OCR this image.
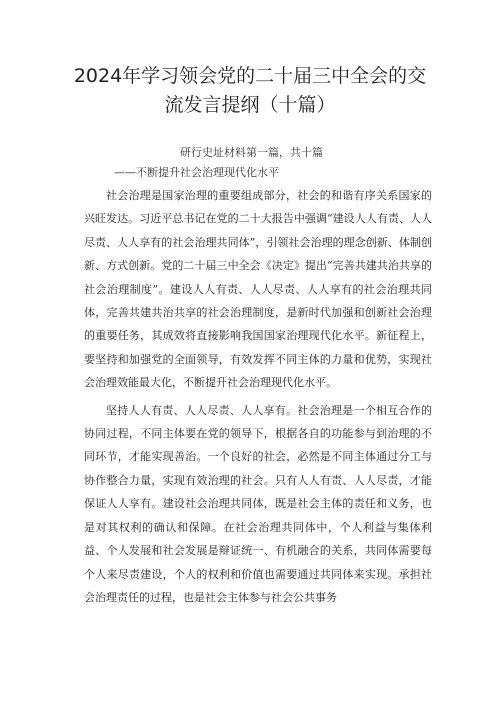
2024年学习领会党的二十届三中全会的交
流发言提纲（十篇）
研行史址材料第一篇，共十篇
——不断提升社会治理现代化水平

社会治理是国家治理的重要组成部分，社会的和谐有序关系国家的兴旺发达。习近平总书记在党的二十大报告中强调“建设人人有责、人人尽责、人人享有的社会治理共同体”，引领社会治理的理念创新、体制创新、方式创新。党的二十届三中全会《决定》提出“完善共建共治共享的社会治理制度”。建设人人有责、人人尽责、人人享有的社会治理共同体，完善共建共治共享的社会治理制度，是新时代加强和创新社会治理的重要任务，其成效将直接影响我国国家治理现代化水平。新征程上，要坚持和加强党的全面领导，有效发挥不同主体的力量和优势，实现社会治理效能最大化，不断提升社会治理现代化水平。

坚持人人有责、人人尽责、人人享有。社会治理是一个相互合作的协同过程，不同主体要在党的领导下，根据各自的功能参与到治理的不同环节，才能实现善治。一个良好的社会，必然是不同主体通过分工与协作整合力量，实现有效治理的社会。只有人人有责、人人尽责，才能保证人人享有。建设社会治理共同体，既是社会主体的责任和义务，也是对其权利的确认和保障。在社会治理共同体中，个人利益与集体利益、个人发展和社会发展是辩证统一、有机融合的关系，共同体需要每个人来尽责建设，个人的权利和价值也需要通过共同体来实现。承担社会治理责任的过程，也是社会主体参与社会公共事务
